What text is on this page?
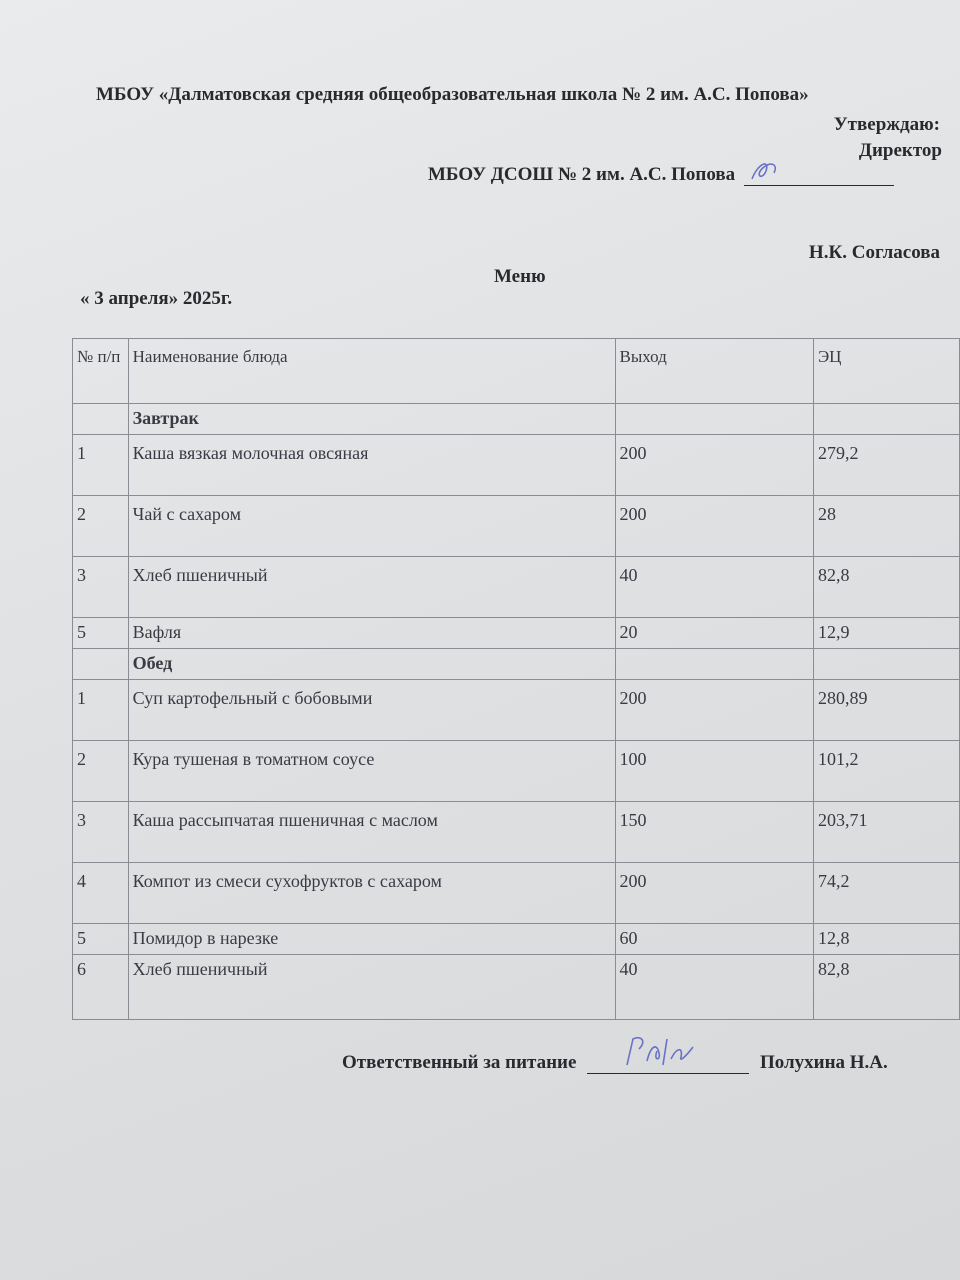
МБОУ «Далматовская средняя общеобразовательная школа № 2 им. А.С. Попова»
Утверждаю:
Директор
МБОУ ДСОШ № 2 им. А.С. Попова
Н.К. Согласова
Меню
« 3 апреля» 2025г.
№ п/п	Наименование блюда	Выход	ЭЦ
	Завтрак		
1	Каша вязкая молочная овсяная	200	279,2
2	Чай с сахаром	200	28
3	Хлеб пшеничный	40	82,8
5	Вафля	20	12,9
	Обед		
1	Суп картофельный с бобовыми	200	280,89
2	Кура тушеная в томатном соусе	100	101,2
3	Каша рассыпчатая пшеничная с маслом	150	203,71
4	Компот из смеси сухофруктов с сахаром	200	74,2
5	Помидор в нарезке	60	12,8
6	Хлеб пшеничный	40	82,8
Ответственный за питание	Полухина Н.А.
